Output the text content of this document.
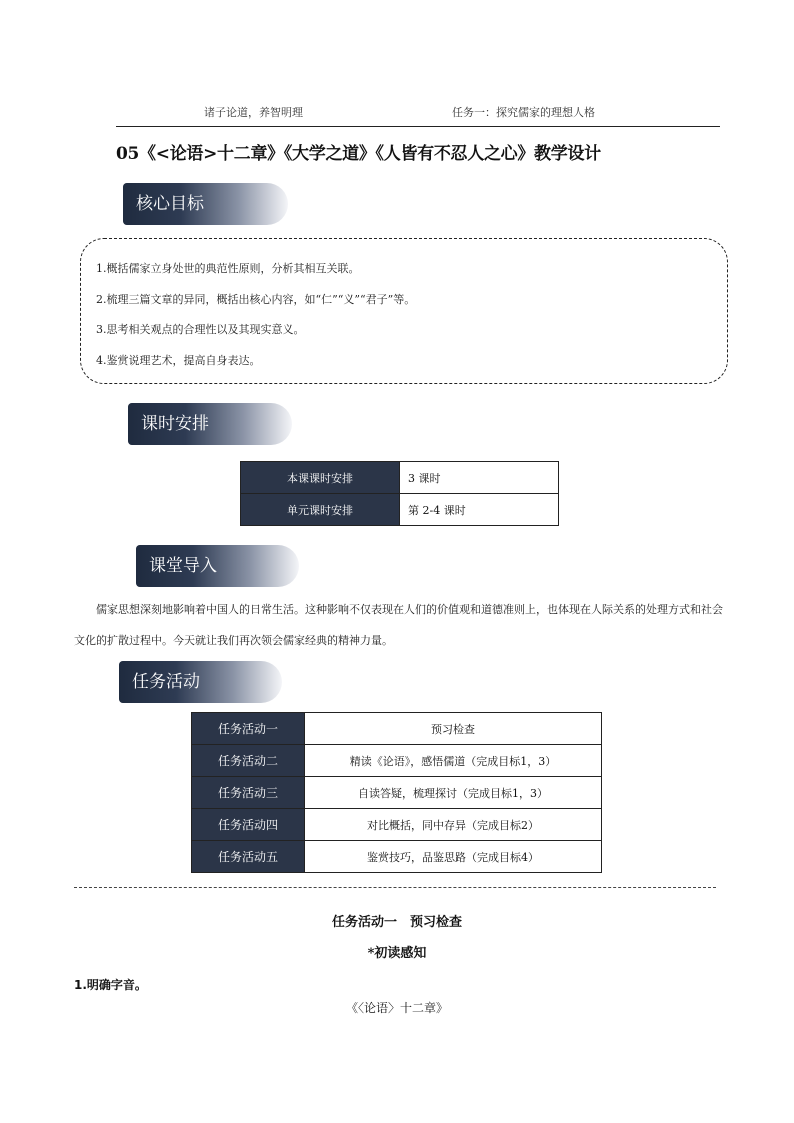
诸子论道，养智明理	任务一：探究儒家的理想人格
05《<论语>十二章》《大学之道》《人皆有不忍人之心》教学设计
核心目标
1.概括儒家立身处世的典范性原则，分析其相互关联。
2.梳理三篇文章的异同，概括出核心内容，如“仁”“义”“君子”等。
3.思考相关观点的合理性以及其现实意义。
4.鉴赏说理艺术，提高自身表达。
课时安排
本课课时安排	3 课时
单元课时安排	第 2-4 课时
课堂导入
儒家思想深刻地影响着中国人的日常生活。这种影响不仅表现在人们的价值观和道德准则上，也体现在人际关系的处理方式和社会文化的扩散过程中。今天就让我们再次领会儒家经典的精神力量。
任务活动
任务活动一	预习检查
任务活动二	精读《论语》，感悟儒道（完成目标1，3）
任务活动三	自读答疑，梳理探讨（完成目标1，3）
任务活动四	对比概括，同中存异（完成目标2）
任务活动五	鉴赏技巧，品鉴思路（完成目标4）
任务活动一　预习检查
*初读感知
1.明确字音。
《〈论语〉十二章》
